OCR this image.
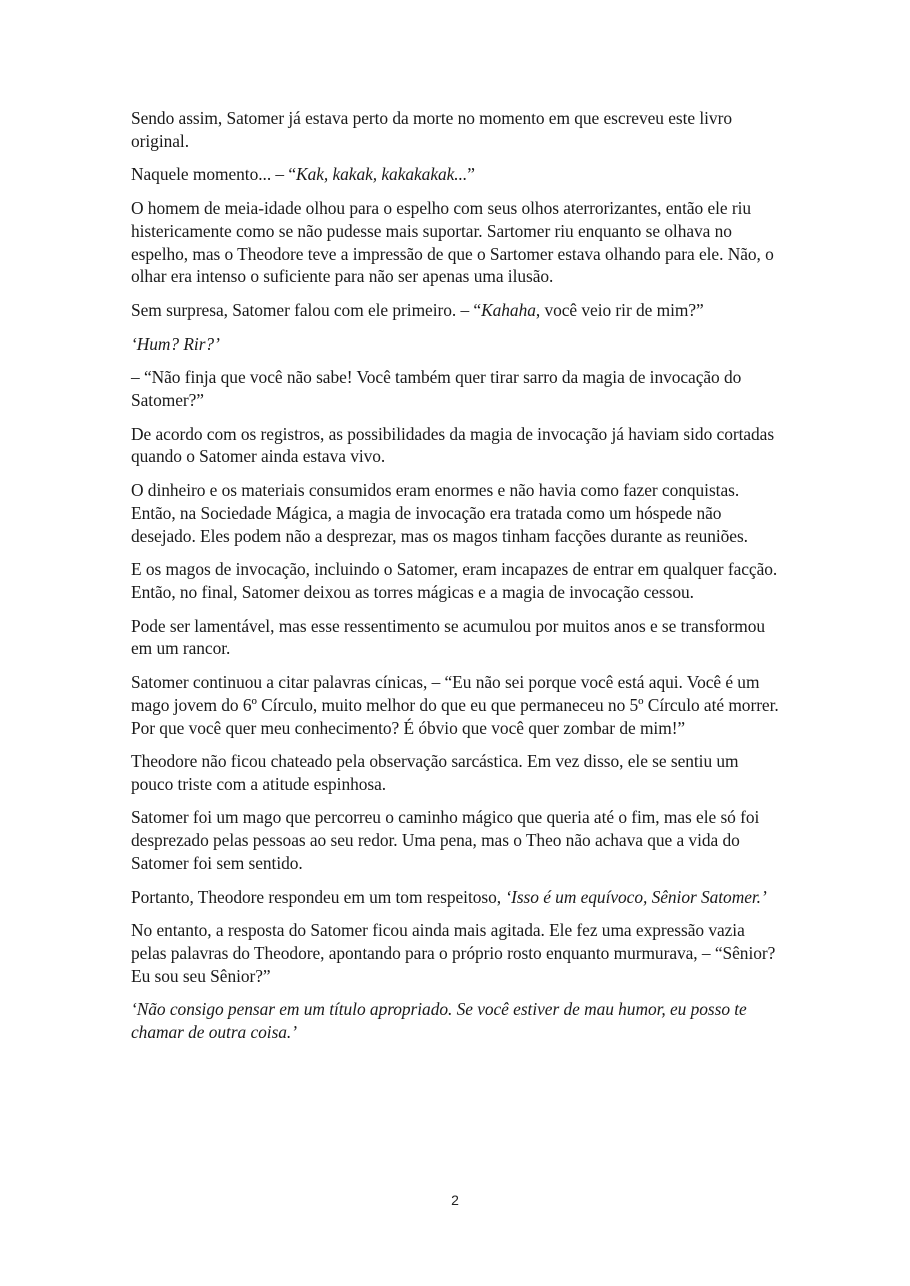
Sendo assim, Satomer já estava perto da morte no momento em que escreveu este livro original.

Naquele momento... – “Kak, kakak, kakakakak...”

O homem de meia-idade olhou para o espelho com seus olhos aterrorizantes, então ele riu histericamente como se não pudesse mais suportar. Sartomer riu enquanto se olhava no espelho, mas o Theodore teve a impressão de que o Sartomer estava olhando para ele. Não, o olhar era intenso o suficiente para não ser apenas uma ilusão.

Sem surpresa, Satomer falou com ele primeiro. – “Kahaha, você veio rir de mim?”

‘Hum? Rir?’

– “Não finja que você não sabe! Você também quer tirar sarro da magia de invocação do Satomer?”

De acordo com os registros, as possibilidades da magia de invocação já haviam sido cortadas quando o Satomer ainda estava vivo.

O dinheiro e os materiais consumidos eram enormes e não havia como fazer conquistas. Então, na Sociedade Mágica, a magia de invocação era tratada como um hóspede não desejado. Eles podem não a desprezar, mas os magos tinham facções durante as reuniões.

E os magos de invocação, incluindo o Satomer, eram incapazes de entrar em qualquer facção. Então, no final, Satomer deixou as torres mágicas e a magia de invocação cessou.

Pode ser lamentável, mas esse ressentimento se acumulou por muitos anos e se transformou em um rancor.

Satomer continuou a citar palavras cínicas, – “Eu não sei porque você está aqui. Você é um mago jovem do 6º Círculo, muito melhor do que eu que permaneceu no 5º Círculo até morrer. Por que você quer meu conhecimento? É óbvio que você quer zombar de mim!”

Theodore não ficou chateado pela observação sarcástica. Em vez disso, ele se sentiu um pouco triste com a atitude espinhosa.

Satomer foi um mago que percorreu o caminho mágico que queria até o fim, mas ele só foi desprezado pelas pessoas ao seu redor. Uma pena, mas o Theo não achava que a vida do Satomer foi sem sentido.

Portanto, Theodore respondeu em um tom respeitoso, ‘Isso é um equívoco, Sênior Satomer.’

No entanto, a resposta do Satomer ficou ainda mais agitada. Ele fez uma expressão vazia pelas palavras do Theodore, apontando para o próprio rosto enquanto murmurava, – “Sênior? Eu sou seu Sênior?”

‘Não consigo pensar em um título apropriado. Se você estiver de mau humor, eu posso te chamar de outra coisa.’

2
